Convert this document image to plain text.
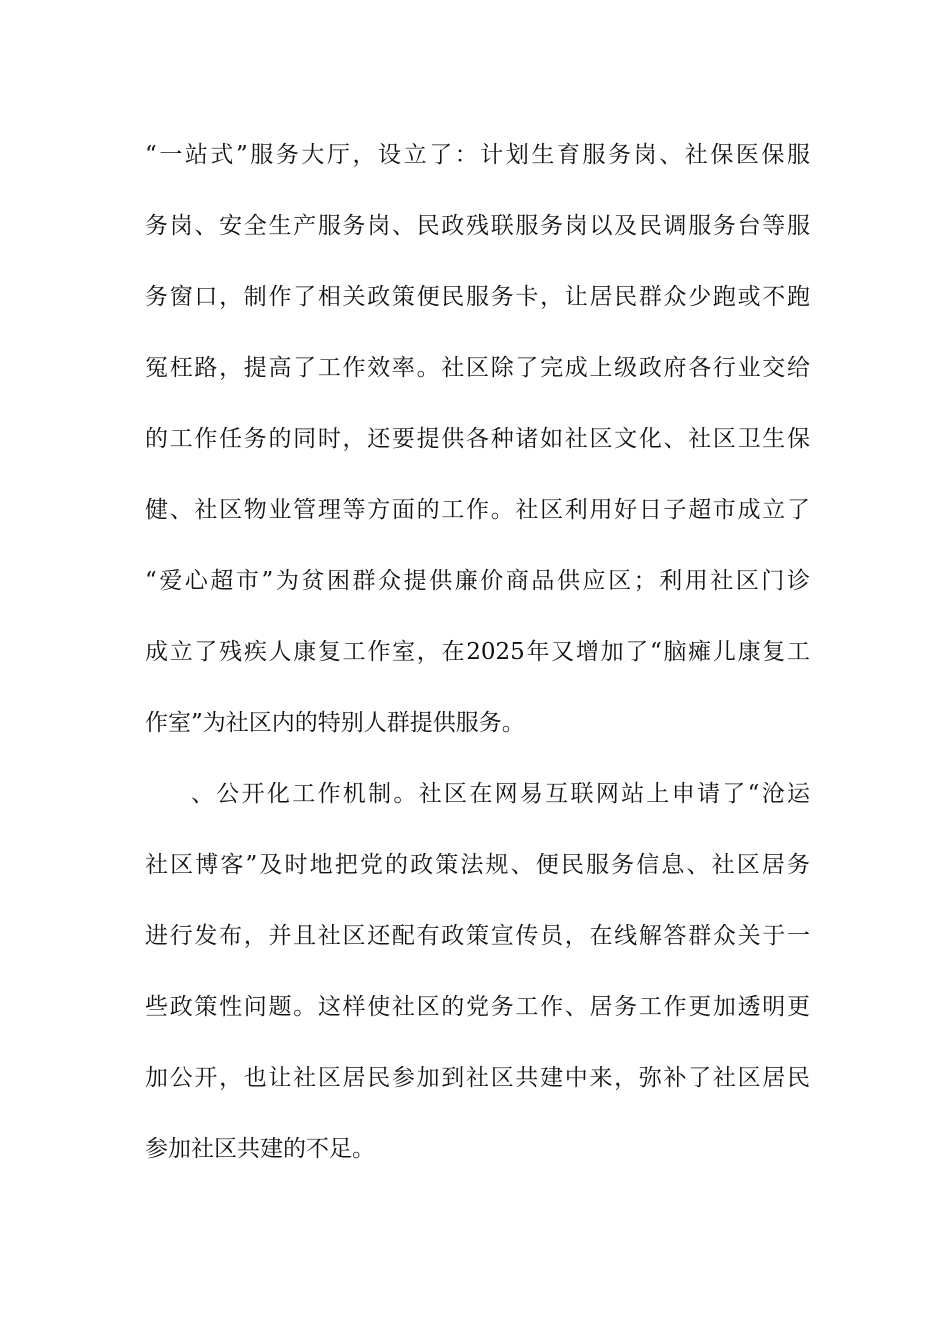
“一站式”服务大厅，设立了：计划生育服务岗、社保医保服
务岗、安全生产服务岗、民政残联服务岗以及民调服务台等服
务窗口，制作了相关政策便民服务卡，让居民群众少跑或不跑
冤枉路，提高了工作效率。社区除了完成上级政府各行业交给
的工作任务的同时，还要提供各种诸如社区文化、社区卫生保
健、社区物业管理等方面的工作。社区利用好日子超市成立了
“爱心超市”为贫困群众提供廉价商品供应区；利用社区门诊
成立了残疾人康复工作室，在2025年又增加了“脑瘫儿康复工
作室”为社区内的特别人群提供服务。
、公开化工作机制。社区在网易互联网站上申请了“沧运
社区博客”及时地把党的政策法规、便民服务信息、社区居务
进行发布，并且社区还配有政策宣传员，在线解答群众关于一
些政策性问题。这样使社区的党务工作、居务工作更加透明更
加公开，也让社区居民参加到社区共建中来，弥补了社区居民
参加社区共建的不足。
